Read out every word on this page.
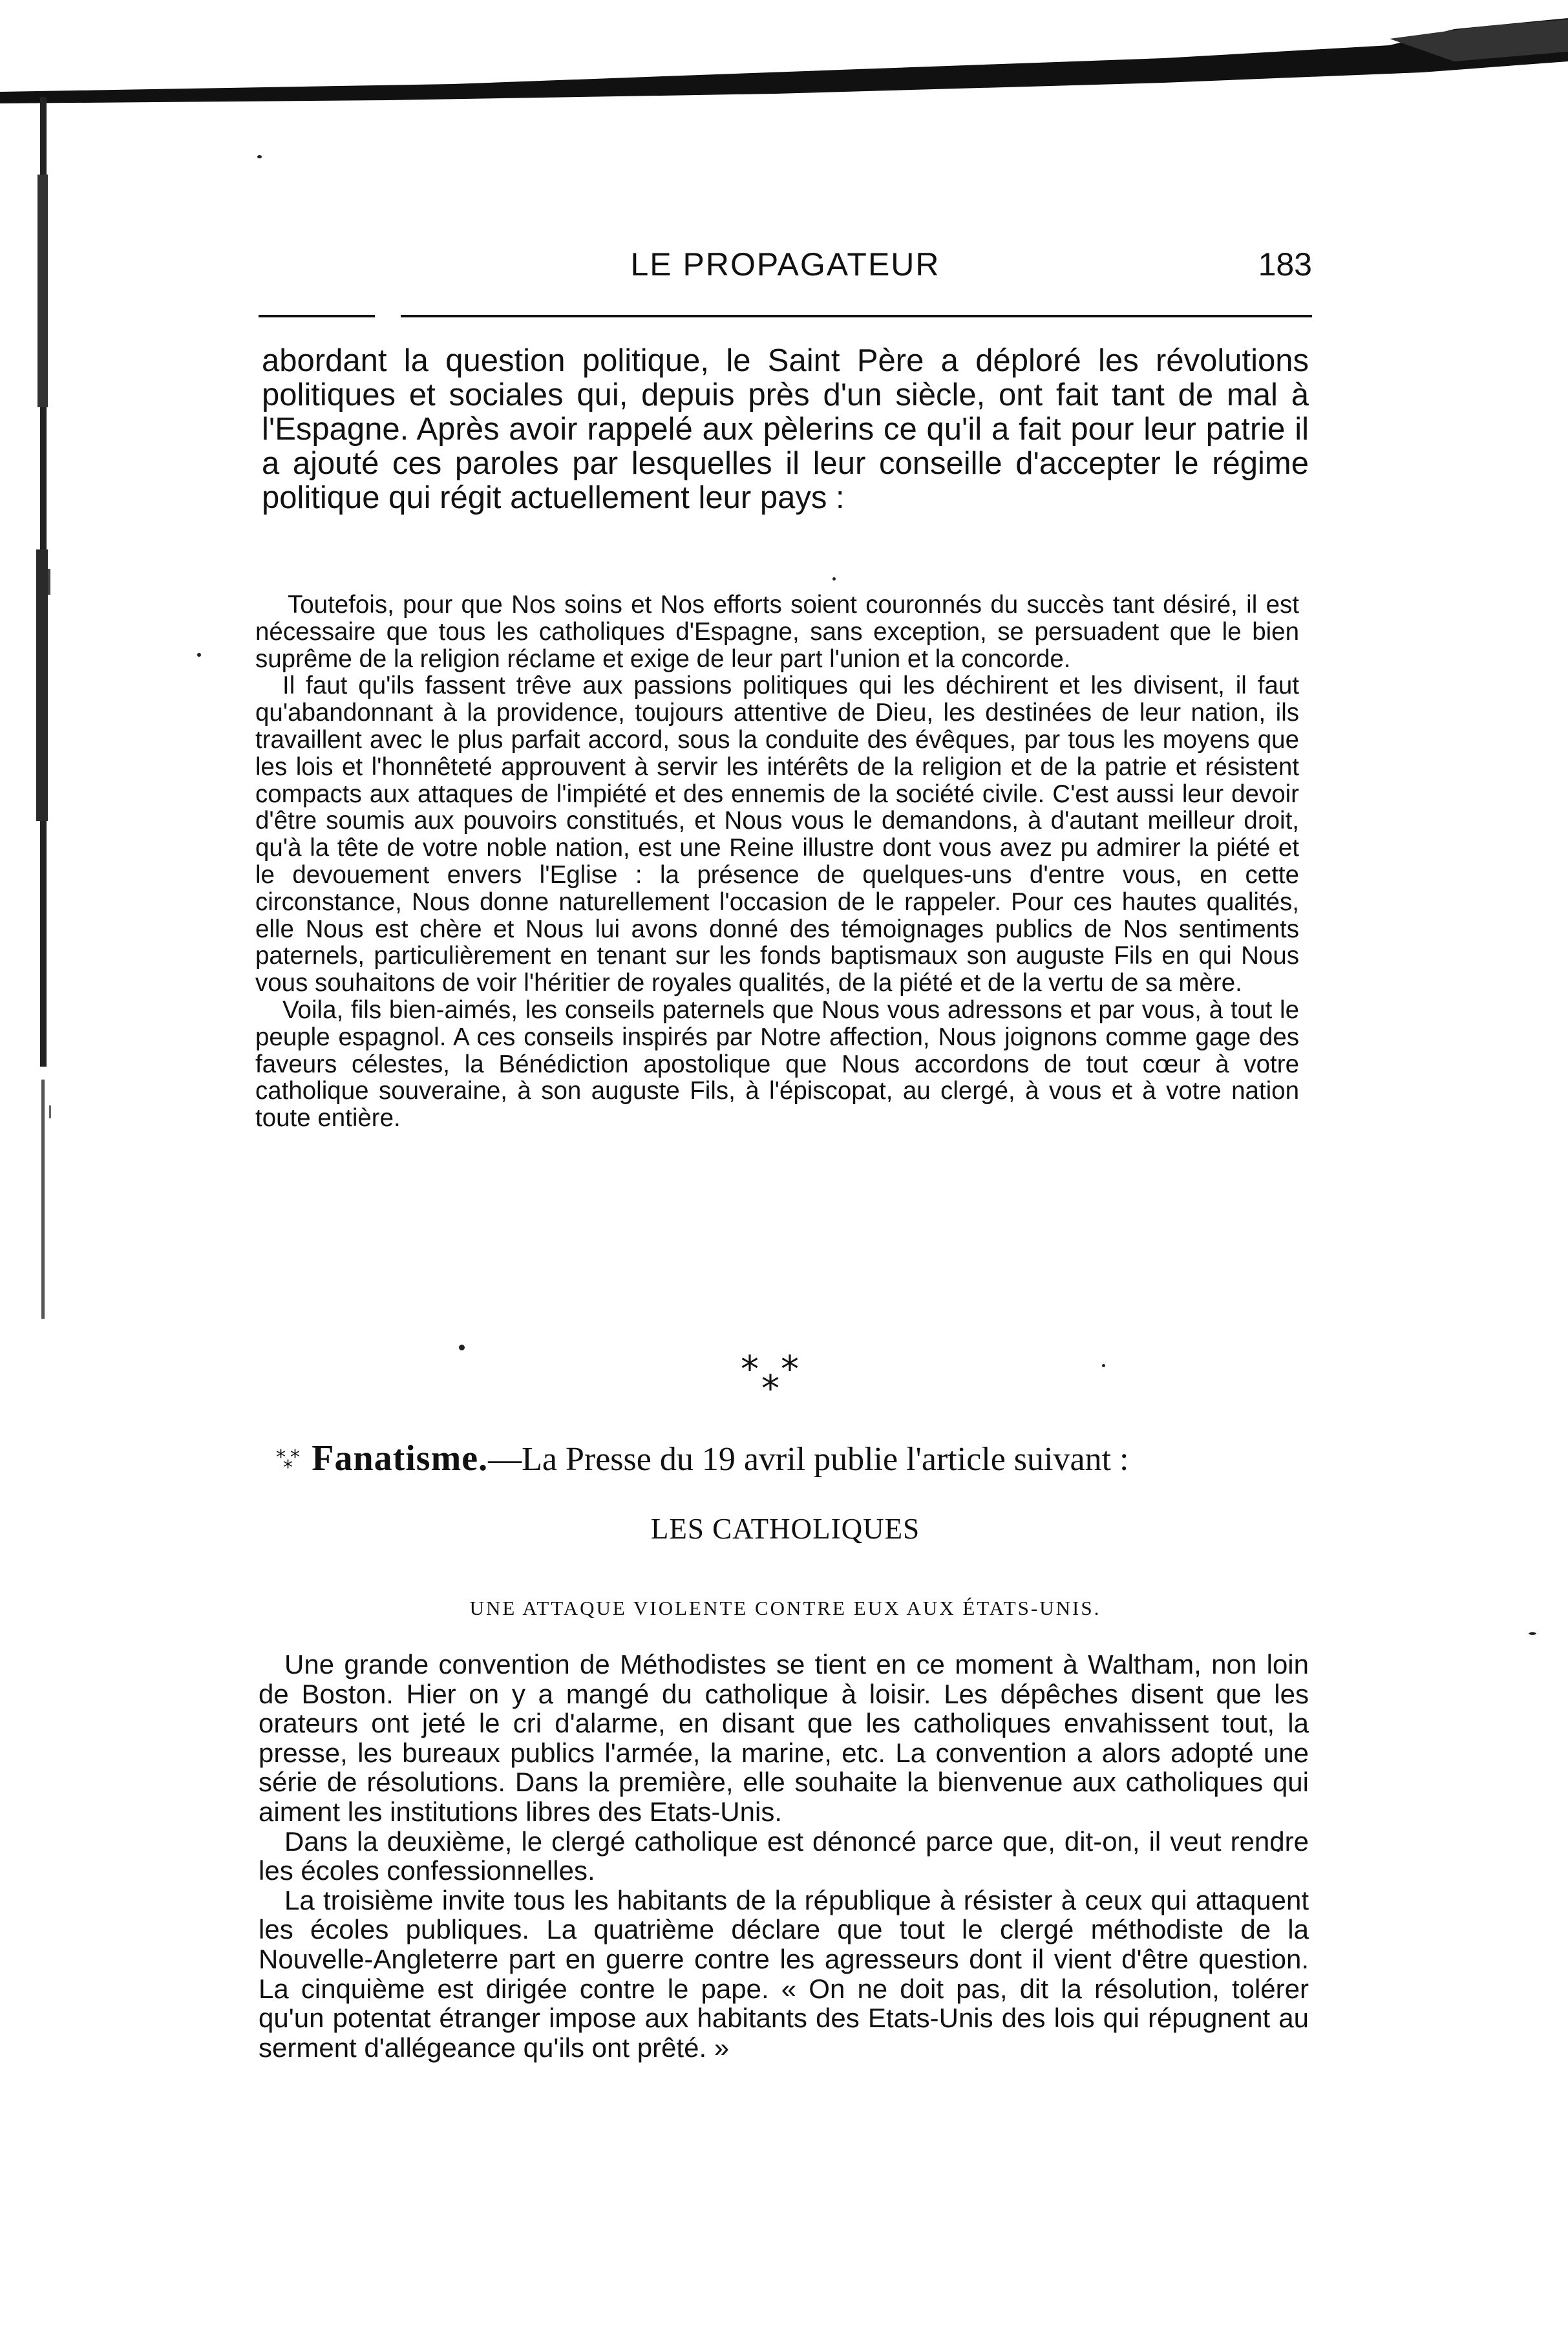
LE PROPAGATEUR	183

abordant la question politique, le Saint Père a déploré les révolutions politiques et sociales qui, depuis près d'un siècle, ont fait tant de mal à l'Espagne. Après avoir rappelé aux pèlerins ce qu'il a fait pour leur patrie il a ajouté ces paroles par lesquelles il leur conseille d'accepter le régime politique qui régit actuellement leur pays :

Toutefois, pour que Nos soins et Nos efforts soient couronnés du succès tant désiré, il est nécessaire que tous les catholiques d'Espagne, sans exception, se persuadent que le bien suprême de la religion réclame et exige de leur part l'union et la concorde.

Il faut qu'ils fassent trêve aux passions politiques qui les déchirent et les divisent, il faut qu'abandonnant à la providence, toujours attentive de Dieu, les destinées de leur nation, ils travaillent avec le plus parfait accord, sous la conduite des évêques, par tous les moyens que les lois et l'honnêteté approuvent à servir les intérêts de la religion et de la patrie et résistent compacts aux attaques de l'impiété et des ennemis de la société civile. C'est aussi leur devoir d'être soumis aux pouvoirs constitués, et Nous vous le demandons, à d'autant meilleur droit, qu'à la tête de votre noble nation, est une Reine illustre dont vous avez pu admirer la piété et le devouement envers l'Eglise : la présence de quelques-uns d'entre vous, en cette circonstance, Nous donne naturellement l'occasion de le rappeler. Pour ces hautes qualités, elle Nous est chère et Nous lui avons donné des témoignages publics de Nos sentiments paternels, particulièrement en tenant sur les fonds baptismaux son auguste Fils en qui Nous vous souhaitons de voir l'héritier de royales qualités, de la piété et de la vertu de sa mère.

Voila, fils bien-aimés, les conseils paternels que Nous vous adressons et par vous, à tout le peuple espagnol. A ces conseils inspirés par Notre affection, Nous joignons comme gage des faveurs célestes, la Bénédiction apostolique que Nous accordons de tout cœur à votre catholique souveraine, à son auguste Fils, à l'épiscopat, au clergé, à vous et à votre nation toute entière.

* *
*
* *
* Fanatisme.—La Presse du 19 avril publie l'article suivant :
LES CATHOLIQUES
UNE ATTAQUE VIOLENTE CONTRE EUX AUX ÉTATS-UNIS.

Une grande convention de Méthodistes se tient en ce moment à Waltham, non loin de Boston. Hier on y a mangé du catholique à loisir. Les dépêches disent que les orateurs ont jeté le cri d'alarme, en disant que les catholiques envahissent tout, la presse, les bureaux publics l'armée, la marine, etc. La convention a alors adopté une série de résolutions. Dans la première, elle souhaite la bienvenue aux catholiques qui aiment les institutions libres des Etats-Unis.

Dans la deuxième, le clergé catholique est dénoncé parce que, dit-on, il veut rendre les écoles confessionnelles.

La troisième invite tous les habitants de la république à résister à ceux qui attaquent les écoles publiques. La quatrième déclare que tout le clergé méthodiste de la Nouvelle-Angleterre part en guerre contre les agresseurs dont il vient d'être question. La cinquième est dirigée contre le pape. « On ne doit pas, dit la résolution, tolérer qu'un potentat étranger impose aux habitants des Etats-Unis des lois qui répugnent au serment d'allégeance qu'ils ont prêté. »
